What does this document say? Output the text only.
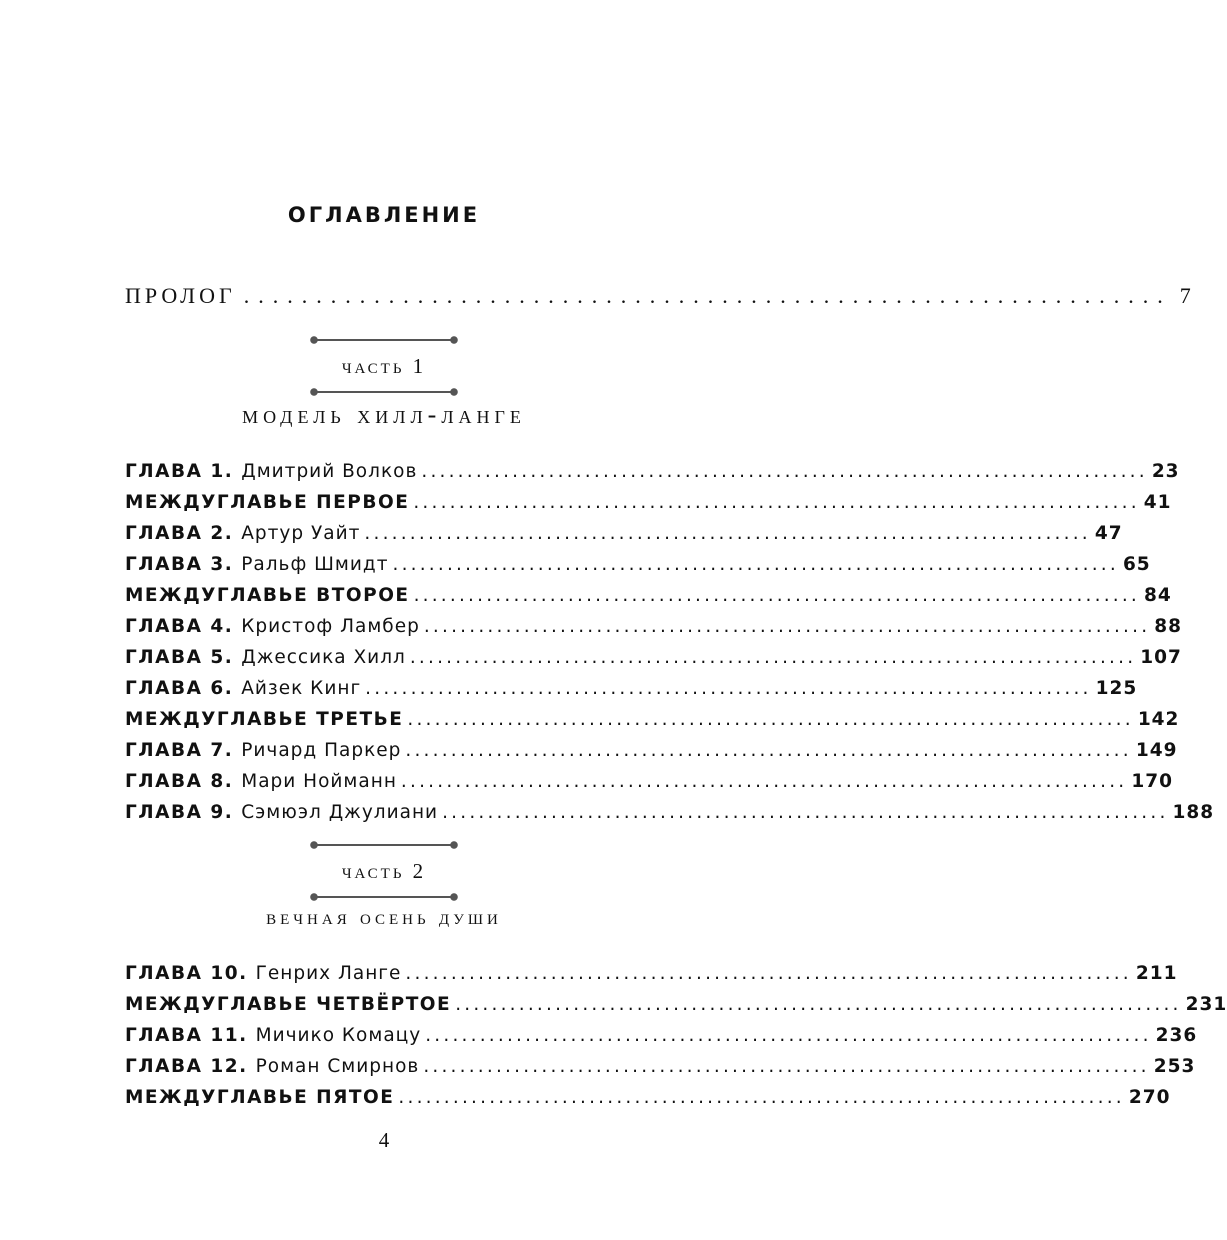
ОГЛАВЛЕНИЕ
ПРОЛОГ ................................................................ 7
часть 1
модель хилл-ланге
ГЛАВА 1. Дмитрий Волков ................................................................................ 23
МЕЖДУГЛАВЬЕ ПЕРВОЕ ................................................................................ 41
ГЛАВА 2. Артур Уайт ................................................................................ 47
ГЛАВА 3. Ральф Шмидт ................................................................................ 65
МЕЖДУГЛАВЬЕ ВТОРОЕ ................................................................................ 84
ГЛАВА 4. Кристоф Ламбер ................................................................................ 88
ГЛАВА 5. Джессика Хилл ................................................................................ 107
ГЛАВА 6. Айзек Кинг ................................................................................ 125
МЕЖДУГЛАВЬЕ ТРЕТЬЕ ................................................................................ 142
ГЛАВА 7. Ричард Паркер ................................................................................ 149
ГЛАВА 8. Мари Нойманн ................................................................................ 170
ГЛАВА 9. Сэмюэл Джулиани ................................................................................ 188
часть 2
вечная осень души
ГЛАВА 10. Генрих Ланге ................................................................................ 211
МЕЖДУГЛАВЬЕ ЧЕТВЁРТОЕ ................................................................................ 231
ГЛАВА 11. Мичико Комацу ................................................................................ 236
ГЛАВА 12. Роман Смирнов ................................................................................ 253
МЕЖДУГЛАВЬЕ ПЯТОЕ ................................................................................ 270
4
